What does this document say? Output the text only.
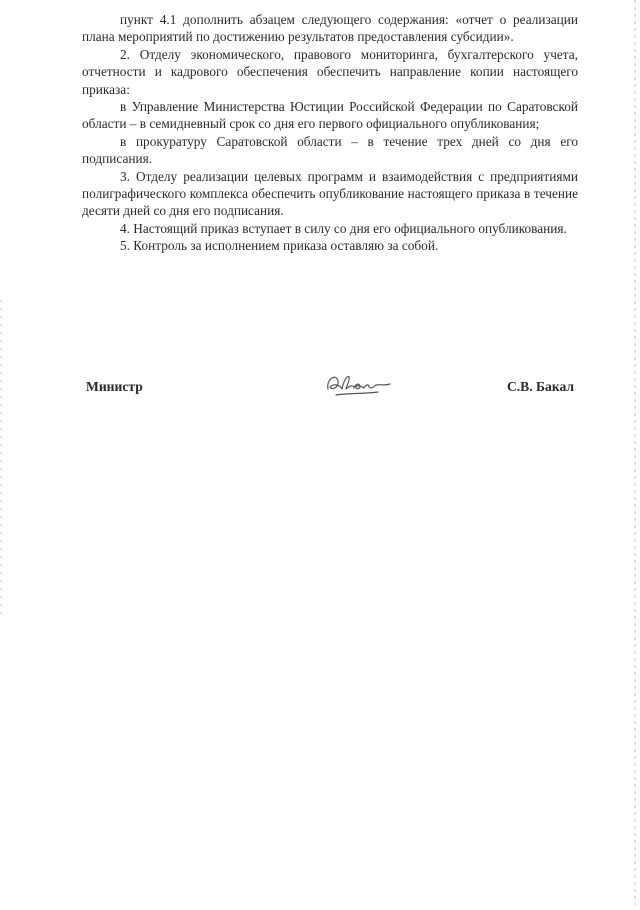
пункт 4.1 дополнить абзацем следующего содержания: «отчет о реализации плана мероприятий по достижению результатов предоставления субсидии».

2. Отделу экономического, правового мониторинга, бухгалтерского учета, отчетности и кадрового обеспечения обеспечить направление копии настоящего приказа:

в Управление Министерства Юстиции Российской Федерации по Саратовской области – в семидневный срок со дня его первого официального опубликования;

в прокуратуру Саратовской области – в течение трех дней со дня его подписания.

3. Отделу реализации целевых программ и взаимодействия с предприятиями полиграфического комплекса обеспечить опубликование настоящего приказа в течение десяти дней со дня его подписания.

4. Настоящий приказ вступает в силу со дня его официального опубликования.

5. Контроль за исполнением приказа оставляю за собой.

Министр	С.В. Бакал
